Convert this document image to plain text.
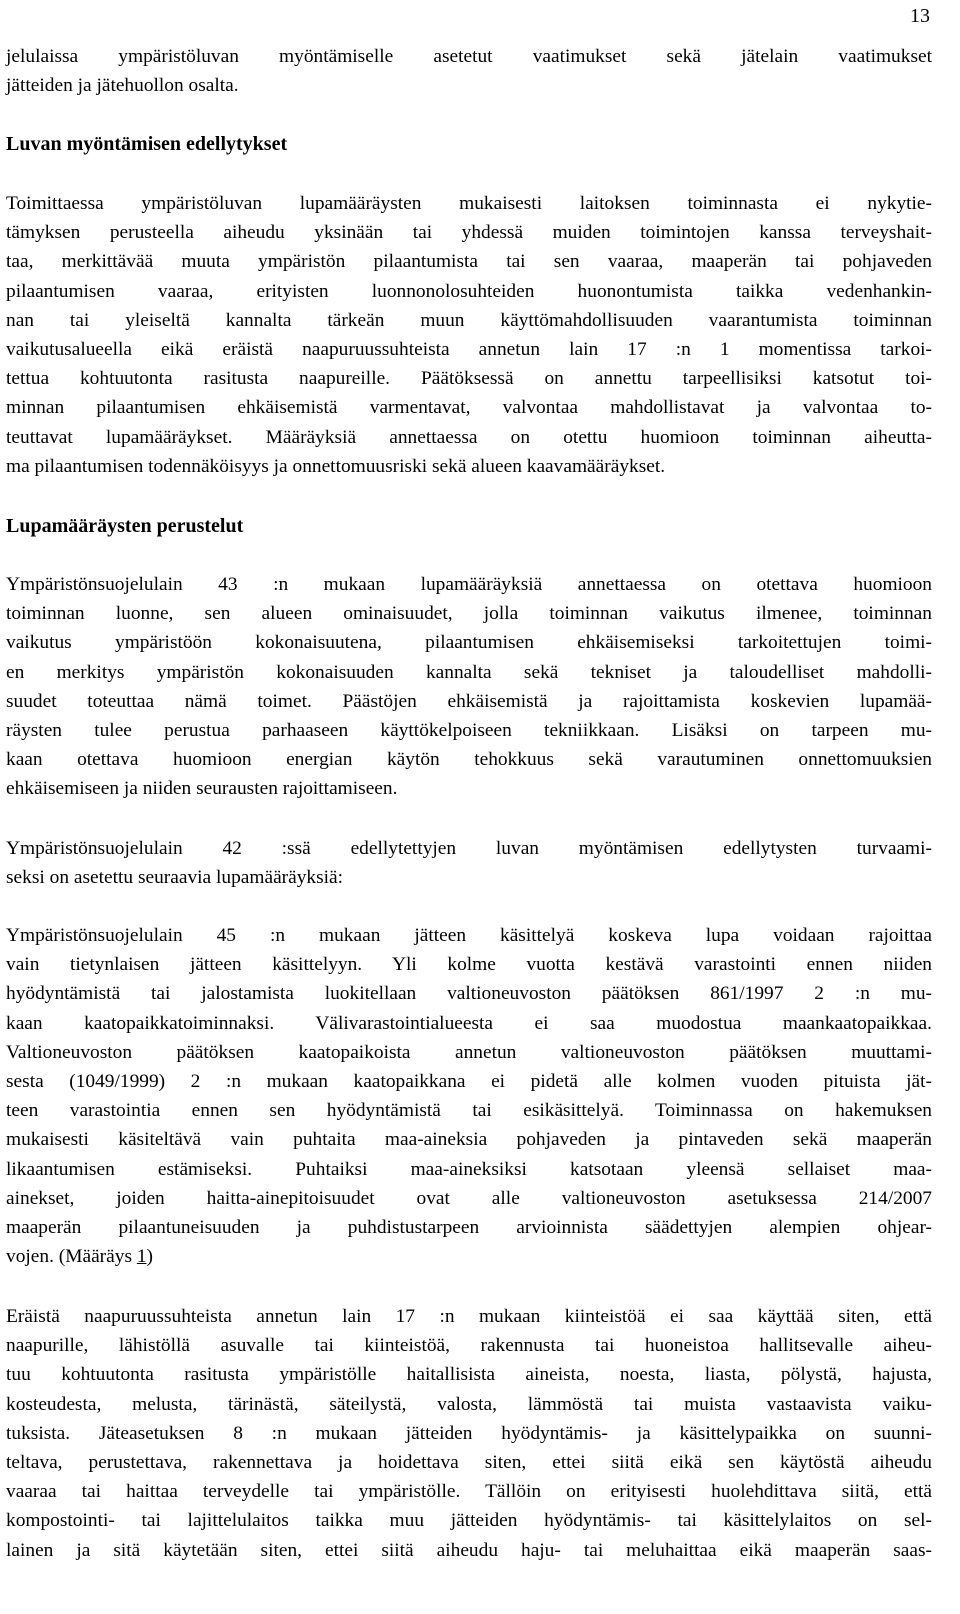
13
jelulaissa ympäristöluvan myöntämiselle asetetut vaatimukset sekä jätelain vaatimukset
jätteiden ja jätehuollon osalta.
Luvan myöntämisen edellytykset
Toimittaessa ympäristöluvan lupamääräysten mukaisesti laitoksen toiminnasta ei nykytie-
tämyksen perusteella aiheudu yksinään tai yhdessä muiden toimintojen kanssa terveyshait-
taa, merkittävää muuta ympäristön pilaantumista tai sen vaaraa, maaperän tai pohjaveden
pilaantumisen vaaraa, erityisten luonnonolosuhteiden huonontumista taikka vedenhankin-
nan tai yleiseltä kannalta tärkeän muun käyttömahdollisuuden vaarantumista toiminnan
vaikutusalueella eikä eräistä naapuruussuhteista annetun lain 17 :n 1 momentissa tarkoi-
tettua kohtuutonta rasitusta naapureille. Päätöksessä on annettu tarpeellisiksi katsotut toi-
minnan pilaantumisen ehkäisemistä varmentavat, valvontaa mahdollistavat ja valvontaa to-
teuttavat lupamääräykset. Määräyksiä annettaessa on otettu huomioon toiminnan aiheutta-
ma pilaantumisen todennäköisyys ja onnettomuusriski sekä alueen kaavamääräykset.
Lupamääräysten perustelut
Ympäristönsuojelulain 43 :n mukaan lupamääräyksiä annettaessa on otettava huomioon
toiminnan luonne, sen alueen ominaisuudet, jolla toiminnan vaikutus ilmenee, toiminnan
vaikutus ympäristöön kokonaisuutena, pilaantumisen ehkäisemiseksi tarkoitettujen toimi-
en merkitys ympäristön kokonaisuuden kannalta sekä tekniset ja taloudelliset mahdolli-
suudet toteuttaa nämä toimet. Päästöjen ehkäisemistä ja rajoittamista koskevien lupamää-
räysten tulee perustua parhaaseen käyttökelpoiseen tekniikkaan. Lisäksi on tarpeen mu-
kaan otettava huomioon energian käytön tehokkuus sekä varautuminen onnettomuuksien
ehkäisemiseen ja niiden seurausten rajoittamiseen.
Ympäristönsuojelulain 42 :ssä edellytettyjen luvan myöntämisen edellytysten turvaami-
seksi on asetettu seuraavia lupamääräyksiä:
Ympäristönsuojelulain 45 :n mukaan jätteen käsittelyä koskeva lupa voidaan rajoittaa
vain tietynlaisen jätteen käsittelyyn. Yli kolme vuotta kestävä varastointi ennen niiden
hyödyntämistä tai jalostamista luokitellaan valtioneuvoston päätöksen 861/1997 2 :n mu-
kaan kaatopaikkatoiminnaksi. Välivarastointialueesta ei saa muodostua maankaatopaikkaa.
Valtioneuvoston päätöksen kaatopaikoista annetun valtioneuvoston päätöksen muuttami-
sesta (1049/1999) 2 :n mukaan kaatopaikkana ei pidetä alle kolmen vuoden pituista jät-
teen varastointia ennen sen hyödyntämistä tai esikäsittelyä. Toiminnassa on hakemuksen
mukaisesti käsiteltävä vain puhtaita maa-aineksia pohjaveden ja pintaveden sekä maaperän
likaantumisen estämiseksi. Puhtaiksi maa-aineksiksi katsotaan yleensä sellaiset maa-
ainekset, joiden haitta-ainepitoisuudet ovat alle valtioneuvoston asetuksessa 214/2007
maaperän pilaantuneisuuden ja puhdistustarpeen arvioinnista säädettyjen alempien ohjear-
vojen. (Määräys 1)
Eräistä naapuruussuhteista annetun lain 17 :n mukaan kiinteistöä ei saa käyttää siten, että
naapurille, lähistöllä asuvalle tai kiinteistöä, rakennusta tai huoneistoa hallitsevalle aiheu-
tuu kohtuutonta rasitusta ympäristölle haitallisista aineista, noesta, liasta, pölystä, hajusta,
kosteudesta, melusta, tärinästä, säteilystä, valosta, lämmöstä tai muista vastaavista vaiku-
tuksista. Jäteasetuksen 8 :n mukaan jätteiden hyödyntämis- ja käsittelypaikka on suunni-
teltava, perustettava, rakennettava ja hoidettava siten, ettei siitä eikä sen käytöstä aiheudu
vaaraa tai haittaa terveydelle tai ympäristölle. Tällöin on erityisesti huolehdittava siitä, että
kompostointi- tai lajittelulaitos taikka muu jätteiden hyödyntämis- tai käsittelylaitos on sel-
lainen ja sitä käytetään siten, ettei siitä aiheudu haju- tai meluhaittaa eikä maaperän saas-
